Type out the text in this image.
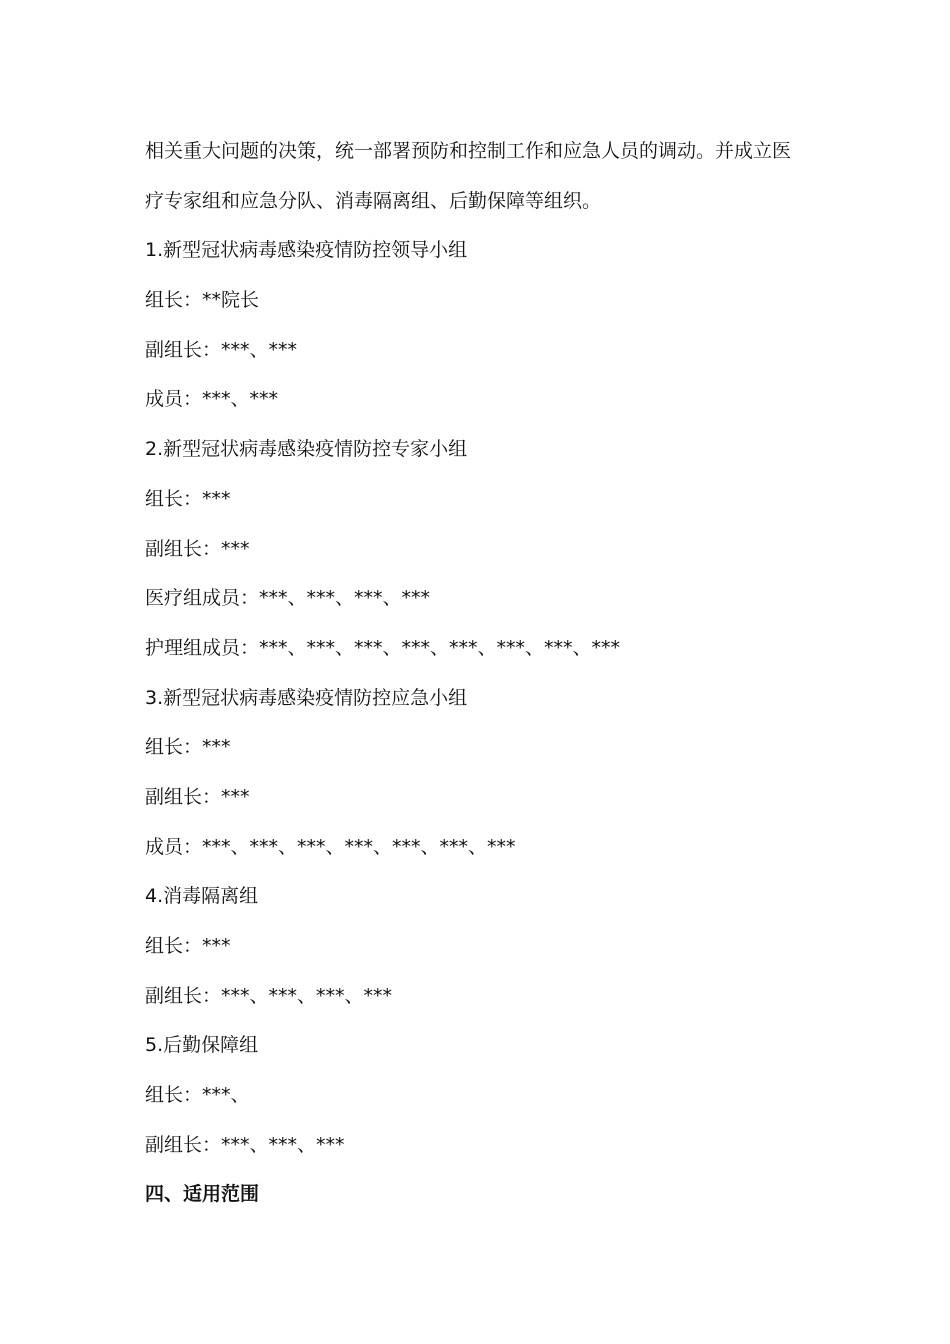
相关重大问题的决策，统一部署预防和控制工作和应急人员的调动。并成立医
疗专家组和应急分队、消毒隔离组、后勤保障等组织。
1.新型冠状病毒感染疫情防控领导小组
组长：**院长
副组长：***、***
成员：***、***
2.新型冠状病毒感染疫情防控专家小组
组长：***
副组长：***
医疗组成员：***、***、***、***
护理组成员：***、***、***、***、***、***、***、***
3.新型冠状病毒感染疫情防控应急小组
组长：***
副组长：***
成员：***、***、***、***、***、***、***
4.消毒隔离组
组长：***
副组长：***、***、***、***
5.后勤保障组
组长：***、
副组长：***、***、***
四、适用范围
